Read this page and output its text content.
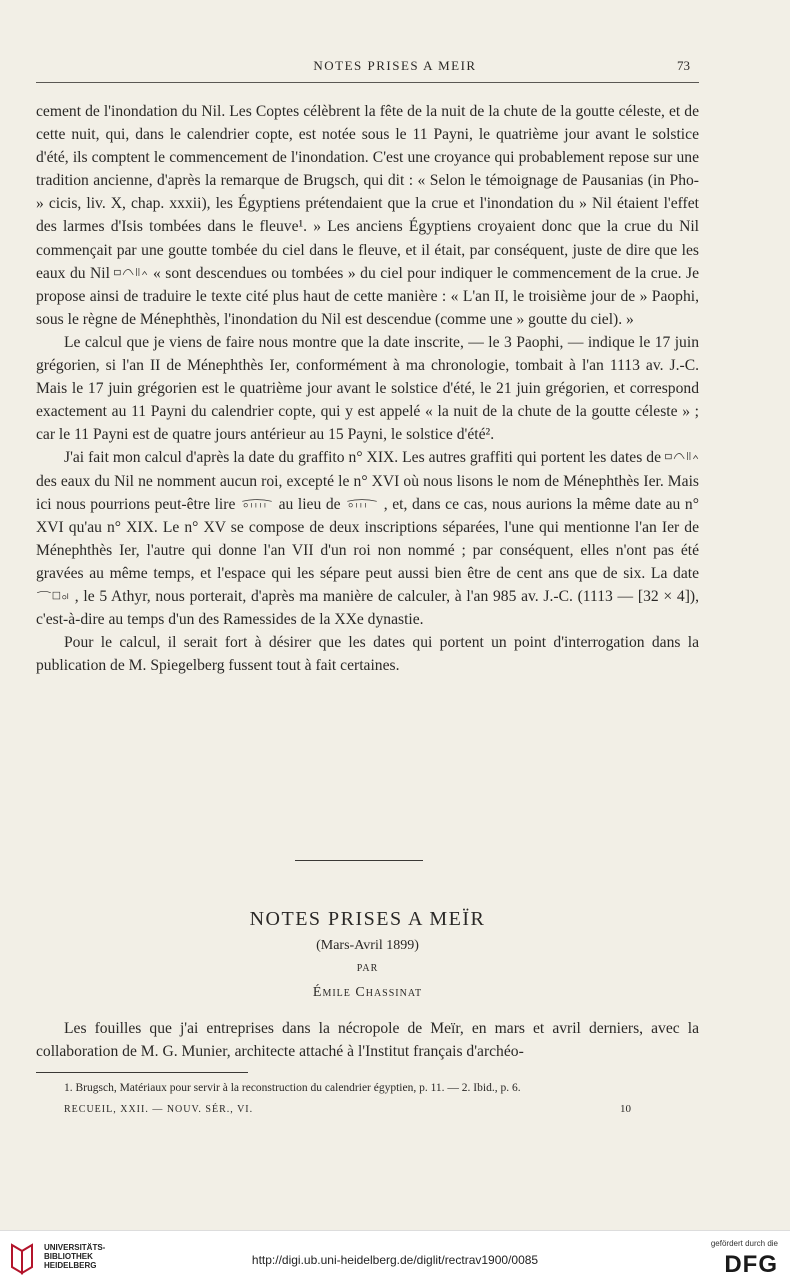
NOTES PRISES A MEIR	73

cement de l'inondation du Nil. Les Coptes célèbrent la fête de la nuit de la chute de la goutte céleste, et de cette nuit, qui, dans le calendrier copte, est notée sous le 11 Payni, le quatrième jour avant le solstice d'été, ils comptent le commencement de l'inondation. C'est une croyance qui probablement repose sur une tradition ancienne, d'après la remarque de Brugsch, qui dit : « Selon le témoignage de Pausanias (in Pho- » cicis, liv. X, chap. xxxii), les Égyptiens prétendaient que la crue et l'inondation du » Nil étaient l'effet des larmes d'Isis tombées dans le fleuve¹. » Les anciens Égyptiens croyaient donc que la crue du Nil commençait par une goutte tombée du ciel dans le fleuve, et il était, par conséquent, juste de dire que les eaux du Nil	« sont descendues ou tombées » du ciel pour indiquer le commencement de la crue. Je propose ainsi de traduire le texte cité plus haut de cette manière : « L'an II, le troisième jour de » Paophi, sous le règne de Ménephthès, l'inondation du Nil est descendue (comme une » goutte du ciel). »

Le calcul que je viens de faire nous montre que la date inscrite, — le 3 Paophi, — indique le 17 juin grégorien, si l'an II de Ménephthès Ier, conformément à ma chronologie, tombait à l'an 1113 av. J.-C. Mais le 17 juin grégorien est le quatrième jour avant le solstice d'été, le 21 juin grégorien, et correspond exactement au 11 Payni du calendrier copte, qui y est appelé « la nuit de la chute de la goutte céleste » ; car le 11 Payni est de quatre jours antérieur au 15 Payni, le solstice d'été².

J'ai fait mon calcul d'après la date du graffito n° XIX. Les autres graffiti qui portent les dates de  des eaux du Nil ne nomment aucun roi, excepté le n° XVI où nous lisons le nom de Ménephthès Ier. Mais ici nous pourrions peut-être lire	au lieu de	, et, dans ce cas, nous aurions la même date au n° XVI qu'au n° XIX. Le n° XV se compose de deux inscriptions séparées, l'une qui mentionne l'an Ier de Ménephthès Ier, l'autre qui donne l'an VII d'un roi non nommé ; par conséquent, elles n'ont pas été gravées au même temps, et l'espace qui les sépare peut aussi bien être de cent ans que de six. La date  , le 5 Athyr, nous porterait, d'après ma manière de calculer, à l'an 985 av. J.-C. (1113 — [32 × 4]), c'est-à-dire au temps d'un des Ramessides de la XXe dynastie.

Pour le calcul, il serait fort à désirer que les dates qui portent un point d'interrogation dans la publication de M. Spiegelberg fussent tout à fait certaines.

NOTES PRISES A MEÏR
(Mars-Avril 1899)
PAR
Émile Chassinat

Les fouilles que j'ai entreprises dans la nécropole de Meïr, en mars et avril derniers, avec la collaboration de M. G. Munier, architecte attaché à l'Institut français d'archéo-

1. Brugsch, Matériaux pour servir à la reconstruction du calendrier égyptien, p. 11. — 2. Ibid., p. 6.
RECUEIL, XXII. — NOUV. SÉR., VI.	10
UNIVERSITÄTS-
BIBLIOTHEK
HEIDELBERG	http://digi.ub.uni-heidelberg.de/diglit/rectrav1900/0085
gefördert durch die
DFG
